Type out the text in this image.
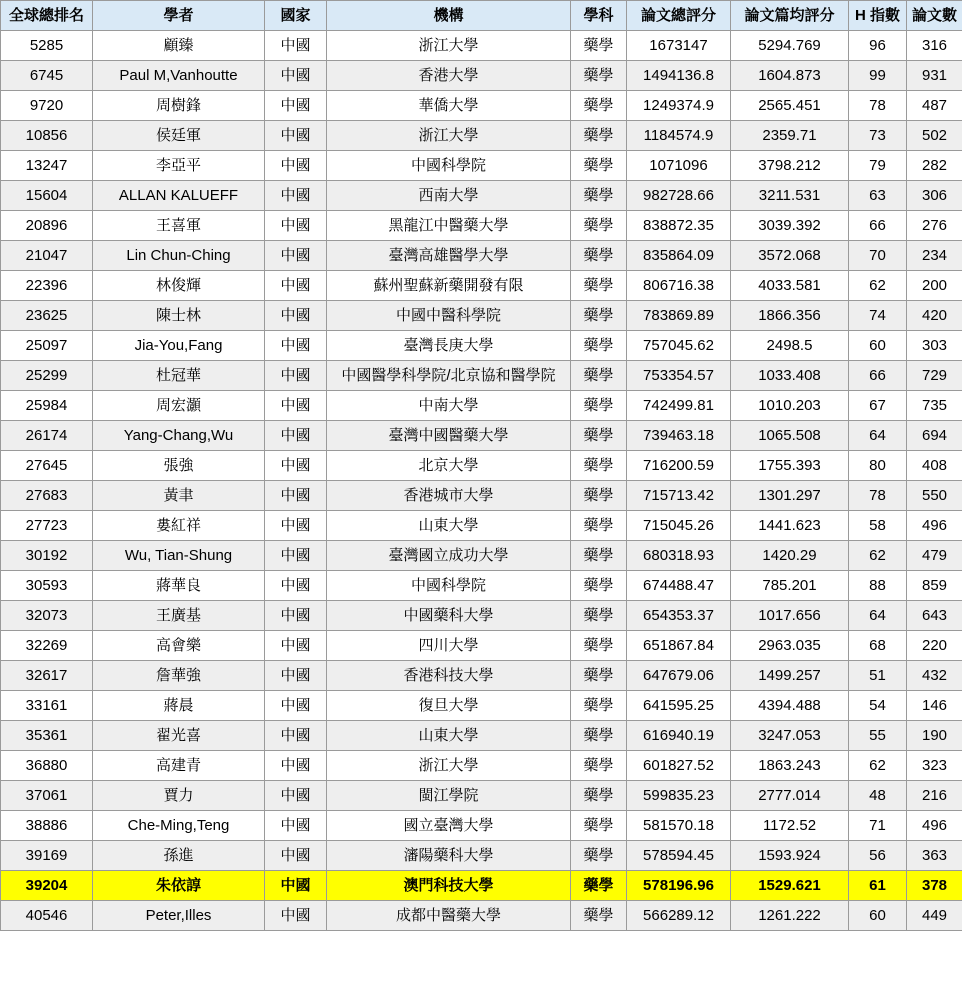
全球總排名	學者	國家	機構	學科	論文總評分	論文篇均評分	H 指數	論文數
5285	顧臻	中國	浙江大學	藥學	1673147	5294.769	96	316
6745	Paul M,Vanhoutte	中國	香港大學	藥學	1494136.8	1604.873	99	931
9720	周樹鋒	中國	華僑大學	藥學	1249374.9	2565.451	78	487
10856	侯廷軍	中國	浙江大學	藥學	1184574.9	2359.71	73	502
13247	李亞平	中國	中國科學院	藥學	1071096	3798.212	79	282
15604	ALLAN KALUEFF	中國	西南大學	藥學	982728.66	3211.531	63	306
20896	王喜軍	中國	黑龍江中醫藥大學	藥學	838872.35	3039.392	66	276
21047	Lin Chun-Ching	中國	臺灣高雄醫學大學	藥學	835864.09	3572.068	70	234
22396	林俊輝	中國	蘇州聖蘇新藥開發有限	藥學	806716.38	4033.581	62	200
23625	陳士林	中國	中國中醫科學院	藥學	783869.89	1866.356	74	420
25097	Jia-You,Fang	中國	臺灣長庚大學	藥學	757045.62	2498.5	60	303
25299	杜冠華	中國	中國醫學科學院/北京協和醫學院	藥學	753354.57	1033.408	66	729
25984	周宏灝	中國	中南大學	藥學	742499.81	1010.203	67	735
26174	Yang-Chang,Wu	中國	臺灣中國醫藥大學	藥學	739463.18	1065.508	64	694
27645	張強	中國	北京大學	藥學	716200.59	1755.393	80	408
27683	黃聿	中國	香港城市大學	藥學	715713.42	1301.297	78	550
27723	婁紅祥	中國	山東大學	藥學	715045.26	1441.623	58	496
30192	Wu, Tian-Shung	中國	臺灣國立成功大學	藥學	680318.93	1420.29	62	479
30593	蔣華良	中國	中國科學院	藥學	674488.47	785.201	88	859
32073	王廣基	中國	中國藥科大學	藥學	654353.37	1017.656	64	643
32269	高會樂	中國	四川大學	藥學	651867.84	2963.035	68	220
32617	詹華強	中國	香港科技大學	藥學	647679.06	1499.257	51	432
33161	蔣晨	中國	復旦大學	藥學	641595.25	4394.488	54	146
35361	翟光喜	中國	山東大學	藥學	616940.19	3247.053	55	190
36880	高建青	中國	浙江大學	藥學	601827.52	1863.243	62	323
37061	賈力	中國	閩江學院	藥學	599835.23	2777.014	48	216
38886	Che-Ming,Teng	中國	國立臺灣大學	藥學	581570.18	1172.52	71	496
39169	孫進	中國	瀋陽藥科大學	藥學	578594.45	1593.924	56	363
39204	朱依諄	中國	澳門科技大學	藥學	578196.96	1529.621	61	378
40546	Peter,Illes	中國	成都中醫藥大學	藥學	566289.12	1261.222	60	449
